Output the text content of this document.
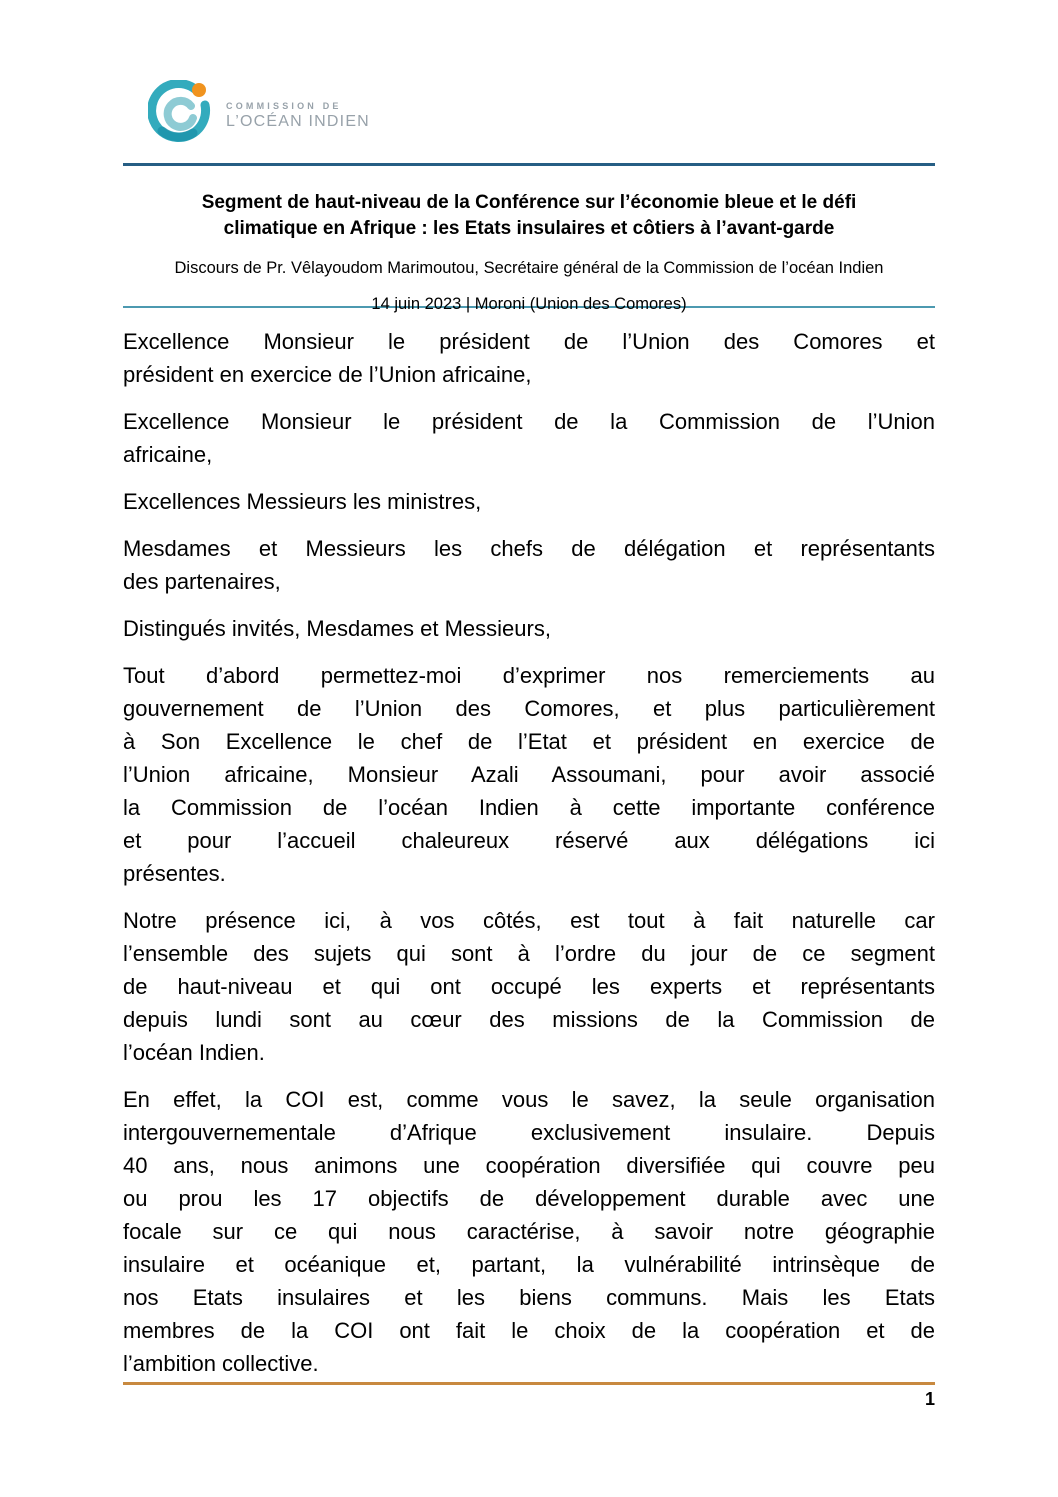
COMMISSION DE
L’OCÉAN INDIEN
Segment de haut-niveau de la Conférence sur l’économie bleue et le défi
climatique en Afrique : les Etats insulaires et côtiers à l’avant-garde
Discours de Pr. Vêlayoudom Marimoutou, Secrétaire général de la Commission de l’océan Indien
14 juin 2023 | Moroni (Union des Comores)
Excellence Monsieur le président de l’Union des Comores et
président en exercice de l’Union africaine,
Excellence Monsieur le président de la Commission de l’Union
africaine,
Excellences Messieurs les ministres,
Mesdames et Messieurs les chefs de délégation et représentants
des partenaires,
Distingués invités, Mesdames et Messieurs,
Tout d’abord permettez-moi d’exprimer nos remerciements au
gouvernement de l’Union des Comores, et plus particulièrement
à Son Excellence le chef de l’Etat et président en exercice de
l’Union africaine, Monsieur Azali Assoumani, pour avoir associé
la Commission de l’océan Indien à cette importante conférence
et pour l’accueil chaleureux réservé aux délégations ici
présentes.
Notre présence ici, à vos côtés, est tout à fait naturelle car
l’ensemble des sujets qui sont à l’ordre du jour de ce segment
de haut-niveau et qui ont occupé les experts et représentants
depuis lundi sont au cœur des missions de la Commission de
l’océan Indien.
En effet, la COI est, comme vous le savez, la seule organisation
intergouvernementale d’Afrique exclusivement insulaire. Depuis
40 ans, nous animons une coopération diversifiée qui couvre peu
ou prou les 17 objectifs de développement durable avec une
focale sur ce qui nous caractérise, à savoir notre géographie
insulaire et océanique et, partant, la vulnérabilité intrinsèque de
nos Etats insulaires et les biens communs. Mais les Etats
membres de la COI ont fait le choix de la coopération et de
l’ambition collective.
1
